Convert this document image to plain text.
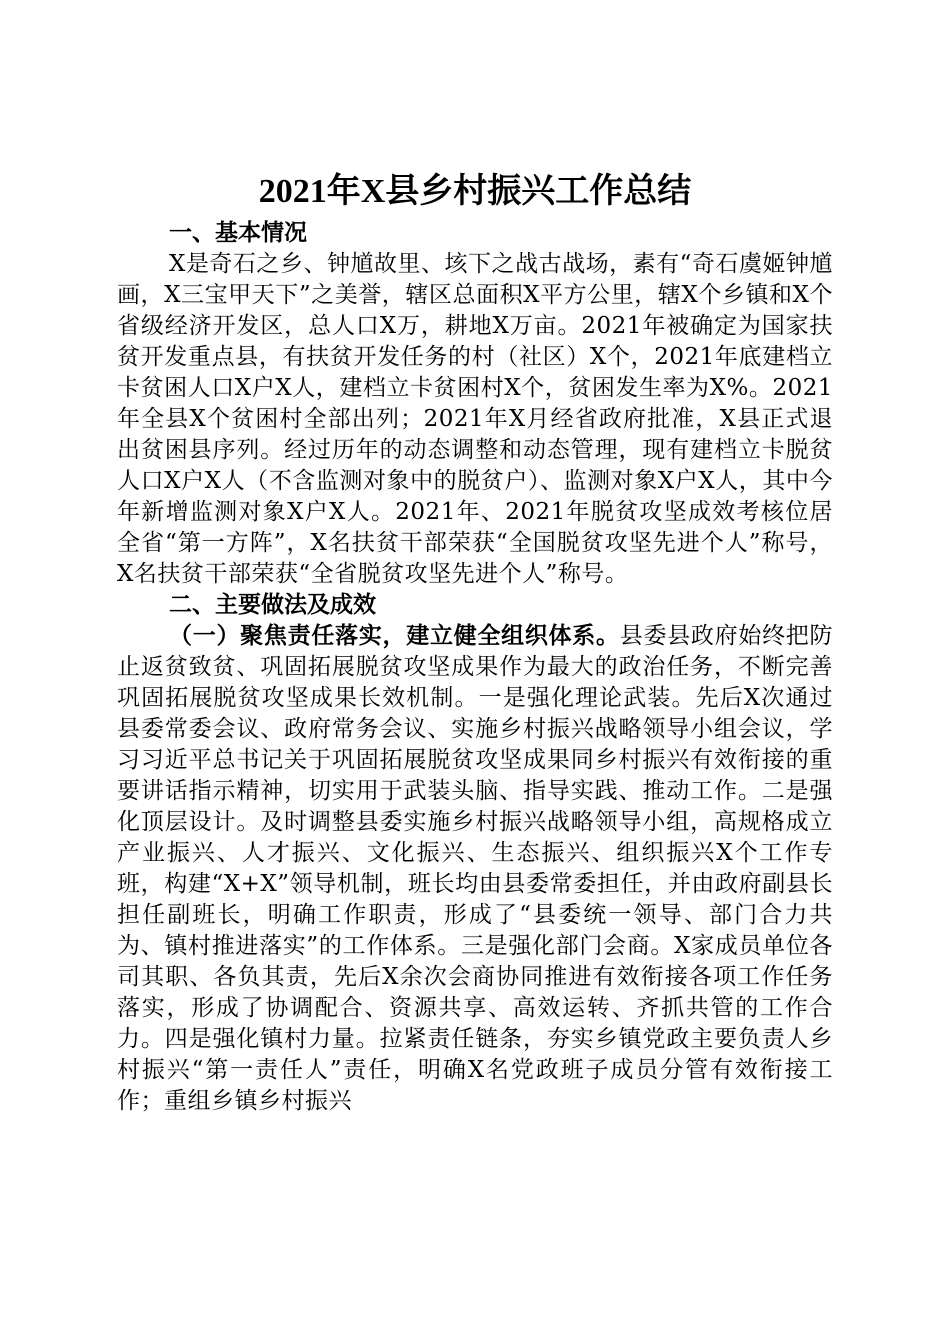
2021年X县乡村振兴工作总结
一、基本情况

X是奇石之乡、钟馗故里、垓下之战古战场，素有“奇石虞姬钟馗画，X三宝甲天下”之美誉，辖区总面积X平方公里，辖X个乡镇和X个省级经济开发区，总人口X万，耕地X万亩。2021年被确定为国家扶贫开发重点县，有扶贫开发任务的村（社区）X个，2021年底建档立卡贫困人口X户X人，建档立卡贫困村X个，贫困发生率为X%。2021年全县X个贫困村全部出列；2021年X月经省政府批准，X县正式退出贫困县序列。经过历年的动态调整和动态管理，现有建档立卡脱贫人口X户X人（不含监测对象中的脱贫户）、监测对象X户X人，其中今年新增监测对象X户X人。2021年、2021年脱贫攻坚成效考核位居全省“第一方阵”，X名扶贫干部荣获“全国脱贫攻坚先进个人”称号，X名扶贫干部荣获“全省脱贫攻坚先进个人”称号。

二、主要做法及成效

（一）聚焦责任落实，建立健全组织体系。县委县政府始终把防止返贫致贫、巩固拓展脱贫攻坚成果作为最大的政治任务，不断完善巩固拓展脱贫攻坚成果长效机制。一是强化理论武装。先后X次通过县委常委会议、政府常务会议、实施乡村振兴战略领导小组会议，学习习近平总书记关于巩固拓展脱贫攻坚成果同乡村振兴有效衔接的重要讲话指示精神，切实用于武装头脑、指导实践、推动工作。二是强化顶层设计。及时调整县委实施乡村振兴战略领导小组，高规格成立产业振兴、人才振兴、文化振兴、生态振兴、组织振兴X个工作专班，构建“X+X”领导机制，班长均由县委常委担任，并由政府副县长担任副班长，明确工作职责，形成了“县委统一领导、部门合力共为、镇村推进落实”的工作体系。三是强化部门会商。X家成员单位各司其职、各负其责，先后X余次会商协同推进有效衔接各项工作任务落实，形成了协调配合、资源共享、高效运转、齐抓共管的工作合力。四是强化镇村力量。拉紧责任链条，夯实乡镇党政主要负责人乡村振兴“第一责任人”责任，明确X名党政班子成员分管有效衔接工作；重组乡镇乡村振兴
